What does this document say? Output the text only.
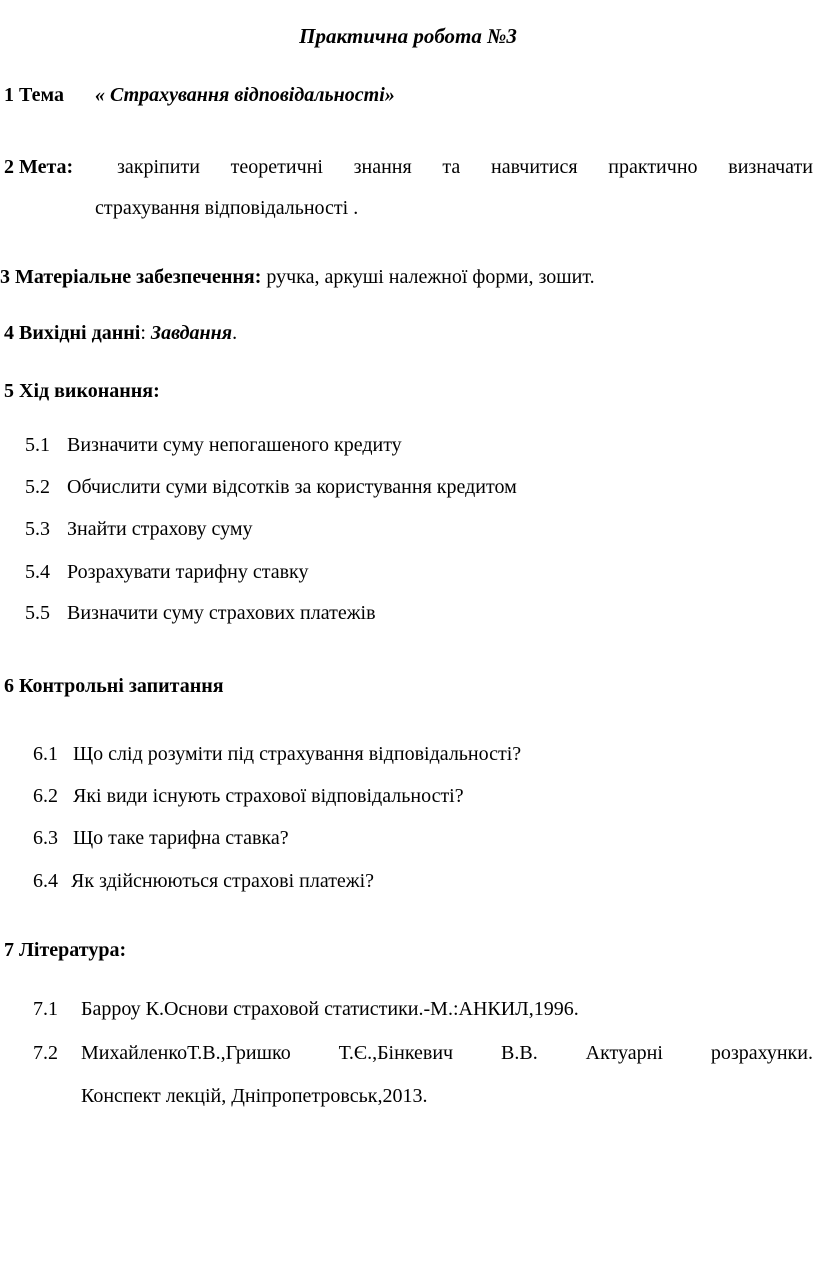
Практична робота №3
1 Тема « Страхування відповідальності»
2 Мета: закріпити теоретичні знання та навчитися практично визначати
страхування відповідальності .
3 Матеріальне забезпечення: ручка, аркуші належної форми, зошит.
4 Вихідні данні: Завдання.
5 Хід виконання:
5.1 Визначити суму непогашеного кредиту
5.2 Обчислити суми відсотків за користування кредитом
5.3 Знайти страхову суму
5.4 Розрахувати тарифну ставку
5.5 Визначити суму страхових платежів
6 Контрольні запитання
6.1 Що слід розуміти під страхування відповідальності?
6.2 Які види існують страхової відповідальності?
6.3 Що таке тарифна ставка?
6.4 Як здійснюються страхові платежі?
7 Література:
7.1 Барроу К.Основи страховой статистики.-М.:АНКИЛ,1996.
7.2 МихайленкоТ.В.,Гришко Т.Є.,Бінкевич В.В. Актуарні розрахунки.
Конспект лекцій, Дніпропетровськ,2013.
